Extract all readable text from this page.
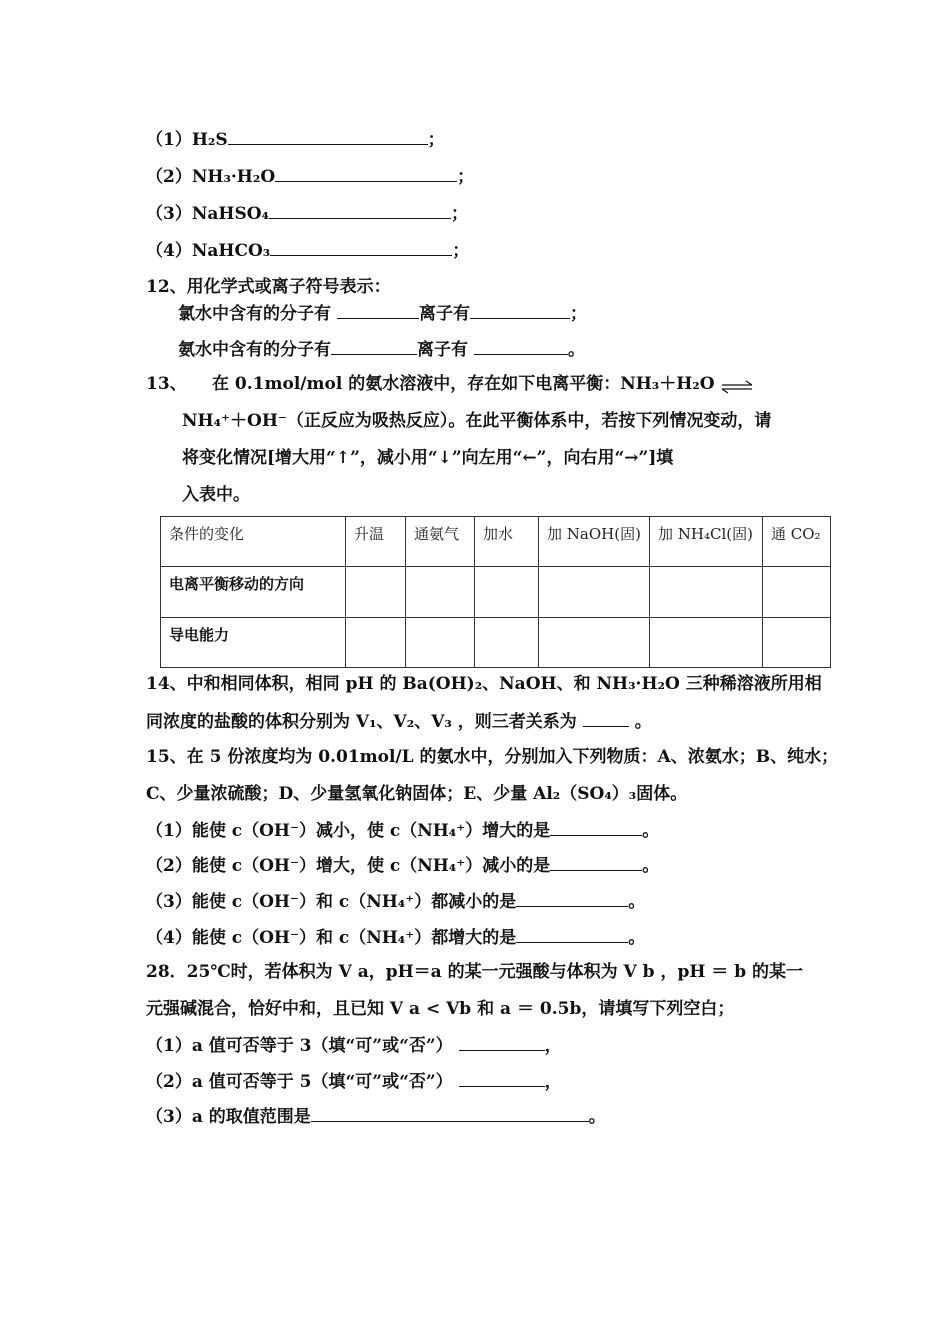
（1）H₂S	；
（2）NH₃·H₂O	；
（3）NaHSO₄	；
（4）NaHCO₃	；
12、用化学式或离子符号表示：
氯水中含有的分子有	离子有	；
氨水中含有的分子有	离子有	。
13、 在 0.1mol/mol 的氨水溶液中，存在如下电离平衡：NH₃＋H₂O ⇌
NH₄⁺＋OH⁻（正反应为吸热反应）。在此平衡体系中，若按下列情况变动，请
将变化情况[增大用“↑”，减小用“↓”向左用“←”，向右用“→”]填
入表中。
条件的变化	升温	通氨气	加水	加 NaOH(固)	加 NH₄Cl(固)	通 CO₂
电离平衡移动的方向						
导电能力						
14、中和相同体积，相同 pH 的 Ba(OH)₂、NaOH、和 NH₃·H₂O 三种稀溶液所用相
同浓度的盐酸的体积分别为 V₁、V₂、V₃ ，则三者关系为	。
15、在 5 份浓度均为 0.01mol/L 的氨水中，分别加入下列物质：A、浓氨水；B、纯水；
C、少量浓硫酸；D、少量氢氧化钠固体；E、少量 Al₂（SO₄）₃固体。
（1）能使 c（OH⁻）减小，使 c（NH₄⁺）增大的是	。
（2）能使 c（OH⁻）增大，使 c（NH₄⁺）减小的是	。
（3）能使 c（OH⁻）和 c（NH₄⁺）都减小的是	。
（4）能使 c（OH⁻）和 c（NH₄⁺）都增大的是	。
28．25℃时，若体积为 V a，pH＝a 的某一元强酸与体积为 V b ，pH ＝ b 的某一
元强碱混合，恰好中和，且已知 V a < Vb 和 a ＝ 0.5b，请填写下列空白；
（1）a 值可否等于 3（填“可”或“否”）	，
（2）a 值可否等于 5（填“可”或“否”）	，
（3）a 的取值范围是	。
